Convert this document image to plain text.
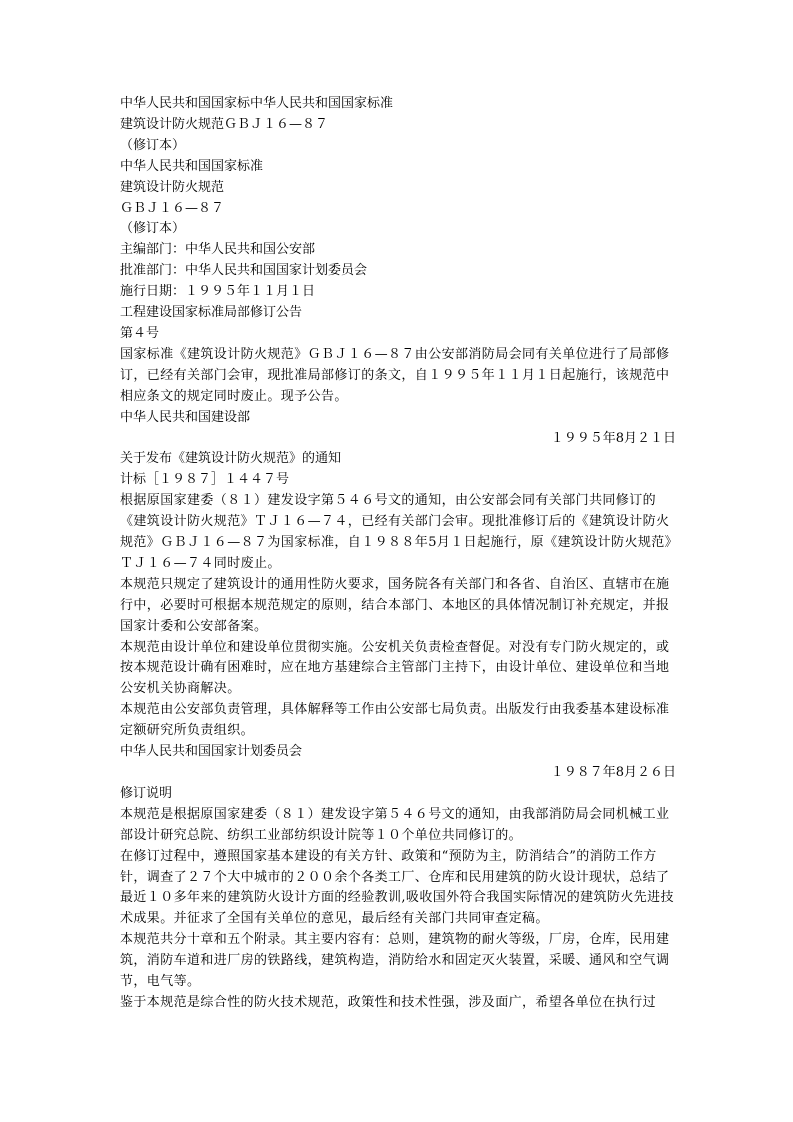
中华人民共和国国家标中华人民共和国国家标准

建筑设计防火规范ＧＢＪ１６—８７

（修订本）

中华人民共和国国家标准

建筑设计防火规范

ＧＢＪ１６—８７

（修订本）

主编部门：中华人民共和国公安部

批准部门：中华人民共和国国家计划委员会

施行日期：１９９５年１１月１日

工程建设国家标准局部修订公告

第４号

国家标准《建筑设计防火规范》ＧＢＪ１６—８７由公安部消防局会同有关单位进行了局部修订，已经有关部门会审，现批准局部修订的条文，自１９９５年１１月１日起施行，该规范中相应条文的规定同时废止。现予公告。

中华人民共和国建设部

１９９５年8月２１日

关于发布《建筑设计防火规范》的通知

计标［１９８７］１４４７号

根据原国家建委（８１）建发设字第５４６号文的通知，由公安部会同有关部门共同修订的《建筑设计防火规范》ＴＪ１６—７４，已经有关部门会审。现批准修订后的《建筑设计防火规范》ＧＢＪ１６—８７为国家标准，自１９８８年5月１日起施行，原《建筑设计防火规范》ＴＪ１６—７４同时废止。

本规范只规定了建筑设计的通用性防火要求，国务院各有关部门和各省、自治区、直辖市在施行中，必要时可根据本规范规定的原则，结合本部门、本地区的具体情况制订补充规定，并报国家计委和公安部备案。

本规范由设计单位和建设单位贯彻实施。公安机关负责检查督促。对没有专门防火规定的，或按本规范设计确有困难时，应在地方基建综合主管部门主持下，由设计单位、建设单位和当地公安机关协商解决。

本规范由公安部负责管理，具体解释等工作由公安部七局负责。出版发行由我委基本建设标准定额研究所负责组织。

中华人民共和国国家计划委员会

１９８７年8月２６日

修订说明

本规范是根据原国家建委（８１）建发设字第５４６号文的通知，由我部消防局会同机械工业部设计研究总院、纺织工业部纺织设计院等１０个单位共同修订的。

在修订过程中，遵照国家基本建设的有关方针、政策和“预防为主，防消结合”的消防工作方针，调查了２７个大中城市的２００余个各类工厂、仓库和民用建筑的防火设计现状，总结了最近１０多年来的建筑防火设计方面的经验教训,吸收国外符合我国实际情况的建筑防火先进技术成果。并征求了全国有关单位的意见，最后经有关部门共同审查定稿。

本规范共分十章和五个附录。其主要内容有：总则，建筑物的耐火等级，厂房，仓库，民用建筑，消防车道和进厂房的铁路线，建筑构造，消防给水和固定灭火装置，采暖、通风和空气调节，电气等。

鉴于本规范是综合性的防火技术规范，政策性和技术性强，涉及面广，希望各单位在执行过
